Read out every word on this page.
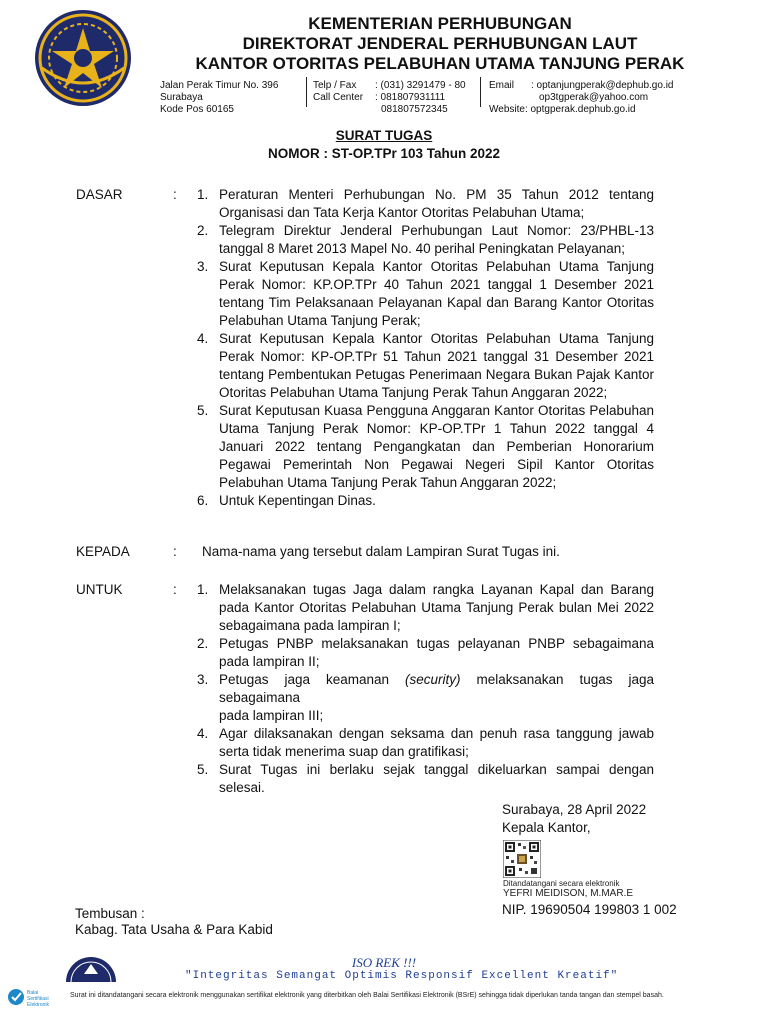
KEMENTERIAN PERHUBUNGAN
DIREKTORAT JENDERAL PERHUBUNGAN LAUT
KANTOR OTORITAS PELABUHAN UTAMA TANJUNG PERAK
Jalan Perak Timur No. 396
Surabaya
Kode Pos 60165
Telp / Fax	: (031) 3291479 - 80
Call Center	: 081807931111
081807572345
Email	: optanjungperak@dephub.go.id
op3tgperak@yahoo.com
Website: optgperak.dephub.go.id
SURAT TUGAS
NOMOR : ST-OP.TPr 103 Tahun 2022
DASAR	: 1. Peraturan Menteri Perhubungan No. PM 35 Tahun 2012 tentang Organisasi dan Tata Kerja Kantor Otoritas Pelabuhan Utama;
2. Telegram Direktur Jenderal Perhubungan Laut Nomor: 23/PHBL-13 tanggal 8 Maret 2013 Mapel No. 40 perihal Peningkatan Pelayanan;
3. Surat Keputusan Kepala Kantor Otoritas Pelabuhan Utama Tanjung Perak Nomor: KP.OP.TPr 40 Tahun 2021 tanggal 1 Desember 2021 tentang Tim Pelaksanaan Pelayanan Kapal dan Barang Kantor Otoritas Pelabuhan Utama Tanjung Perak;
4. Surat Keputusan Kepala Kantor Otoritas Pelabuhan Utama Tanjung Perak Nomor: KP-OP.TPr 51 Tahun 2021 tanggal 31 Desember 2021 tentang Pembentukan Petugas Penerimaan Negara Bukan Pajak Kantor Otoritas Pelabuhan Utama Tanjung Perak Tahun Anggaran 2022;
5. Surat Keputusan Kuasa Pengguna Anggaran Kantor Otoritas Pelabuhan Utama Tanjung Perak Nomor: KP-OP.TPr 1 Tahun 2022 tanggal 4 Januari 2022 tentang Pengangkatan dan Pemberian Honorarium Pegawai Pemerintah Non Pegawai Negeri Sipil Kantor Otoritas Pelabuhan Utama Tanjung Perak Tahun Anggaran 2022;
6. Untuk Kepentingan Dinas.
KEPADA	: Nama-nama yang tersebut dalam Lampiran Surat Tugas ini.
UNTUK	: 1. Melaksanakan tugas Jaga dalam rangka Layanan Kapal dan Barang pada Kantor Otoritas Pelabuhan Utama Tanjung Perak bulan Mei 2022 sebagaimana pada lampiran I;
2. Petugas PNBP melaksanakan tugas pelayanan PNBP sebagaimana pada lampiran II;
3. Petugas jaga keamanan (security) melaksanakan tugas jaga sebagaimana
pada lampiran III;
4. Agar dilaksanakan dengan seksama dan penuh rasa tanggung jawab serta tidak menerima suap dan gratifikasi;
5. Surat Tugas ini berlaku sejak tanggal dikeluarkan sampai dengan selesai.
Surabaya, 28 April 2022
Kepala Kantor,
Ditandatangani secara elektronik
YEFRI MEIDISON, M.MAR.E
NIP. 19690504 199803 1 002
Tembusan :
Kabag. Tata Usaha & Para Kabid
ISO REK !!!
"Integritas Semangat Optimis Responsif Excellent Kreatif"
Balai
Sertifikasi
Elektronik
Surat ini ditandatangani secara elektronik menggunakan sertifikat elektronik yang diterbitkan oleh Balai Sertifikasi Elektronik (BSrE) sehingga tidak diperlukan tanda tangan dan stempel basah.
